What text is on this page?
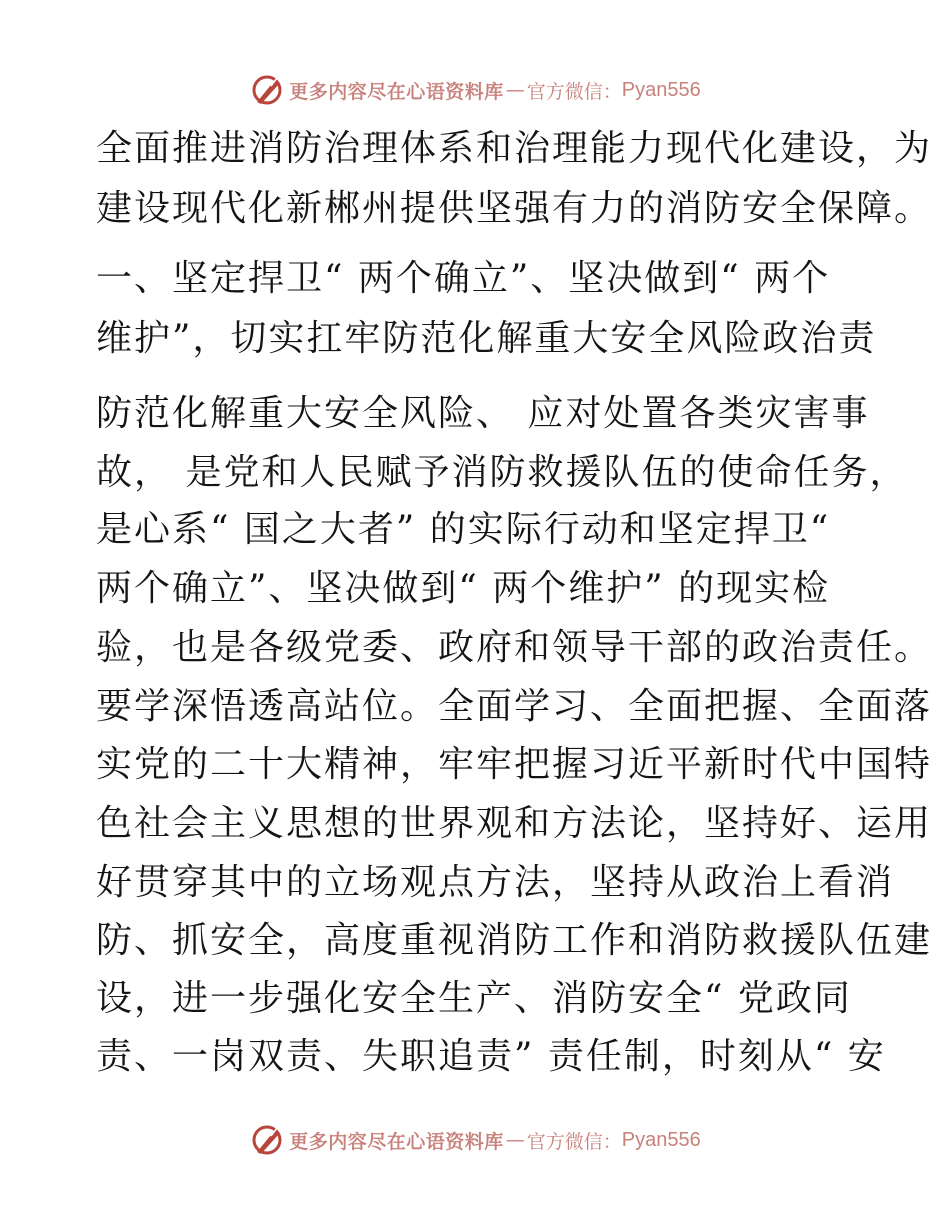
更多内容尽在心语资料库 — 官方微信： Pyan556
全面推进消防治理体系和治理能力现代化建设，为
建设现代化新郴州提供坚强有力的消防安全保障。
一、坚定捍卫“ 两个确立”、坚决做到“ 两个
维护”，切实扛牢防范化解重大安全风险政治责
防范化解重大安全风险、 应对处置各类灾害事
故， 是党和人民赋予消防救援队伍的使命任务，
是心系“ 国之大者” 的实际行动和坚定捍卫“
两个确立”、坚决做到“ 两个维护” 的现实检
验，也是各级党委、政府和领导干部的政治责任。
要学深悟透高站位。全面学习、全面把握、全面落
实党的二十大精神，牢牢把握习近平新时代中国特
色社会主义思想的世界观和方法论，坚持好、运用
好贯穿其中的立场观点方法，坚持从政治上看消
防、抓安全，高度重视消防工作和消防救援队伍建
设，进一步强化安全生产、消防安全“ 党政同
责、一岗双责、失职追责” 责任制，时刻从“ 安
更多内容尽在心语资料库 — 官方微信： Pyan556
